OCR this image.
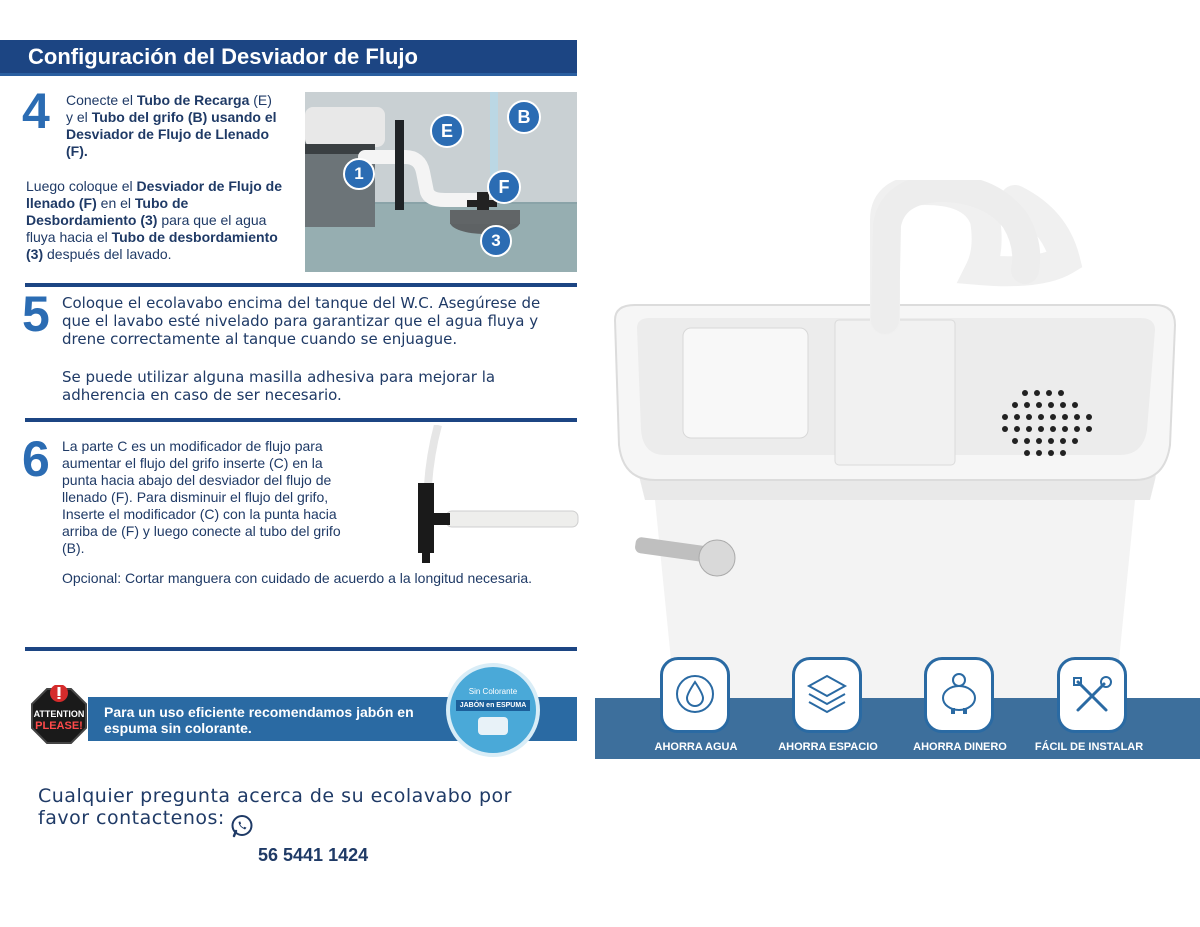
Configuración del Desviador de Flujo
4 Conecte el Tubo de Recarga (E) y el Tubo del grifo (B) usando el Desviador de Flujo de Llenado (F).
Luego coloque el Desviador de Flujo de llenado (F) en el Tubo de Desbordamiento (3) para que el agua fluya hacia el Tubo de desbordamiento (3) después del lavado.
E
B
1
F
3
5 Coloque el ecolavabo encima del tanque del W.C. Asegúrese de que el lavabo esté nivelado para garantizar que el agua fluya y drene correctamente al tanque cuando se enjuague.
Se puede utilizar alguna masilla adhesiva para mejorar la adherencia en caso de ser necesario.
6 La parte C es un modificador de flujo para aumentar el flujo del grifo inserte (C) en la punta hacia abajo del desviador del flujo de llenado (F). Para disminuir el flujo del grifo, Inserte el modificador (C) con la punta hacia arriba de (F) y luego conecte al tubo del grifo (B).
Opcional: Cortar manguera con cuidado de acuerdo a la longitud necesaria.
ATTENTION
PLEASE!
Para un uso eficiente recomendamos jabón en espuma sin colorante.
Sin Colorante
JABÓN en ESPUMA
Cualquier pregunta acerca de su ecolavabo por favor contactenos:
56 5441 1424
AHORRA AGUA	AHORRA ESPACIO	AHORRA DINERO	FÁCIL DE INSTALAR
